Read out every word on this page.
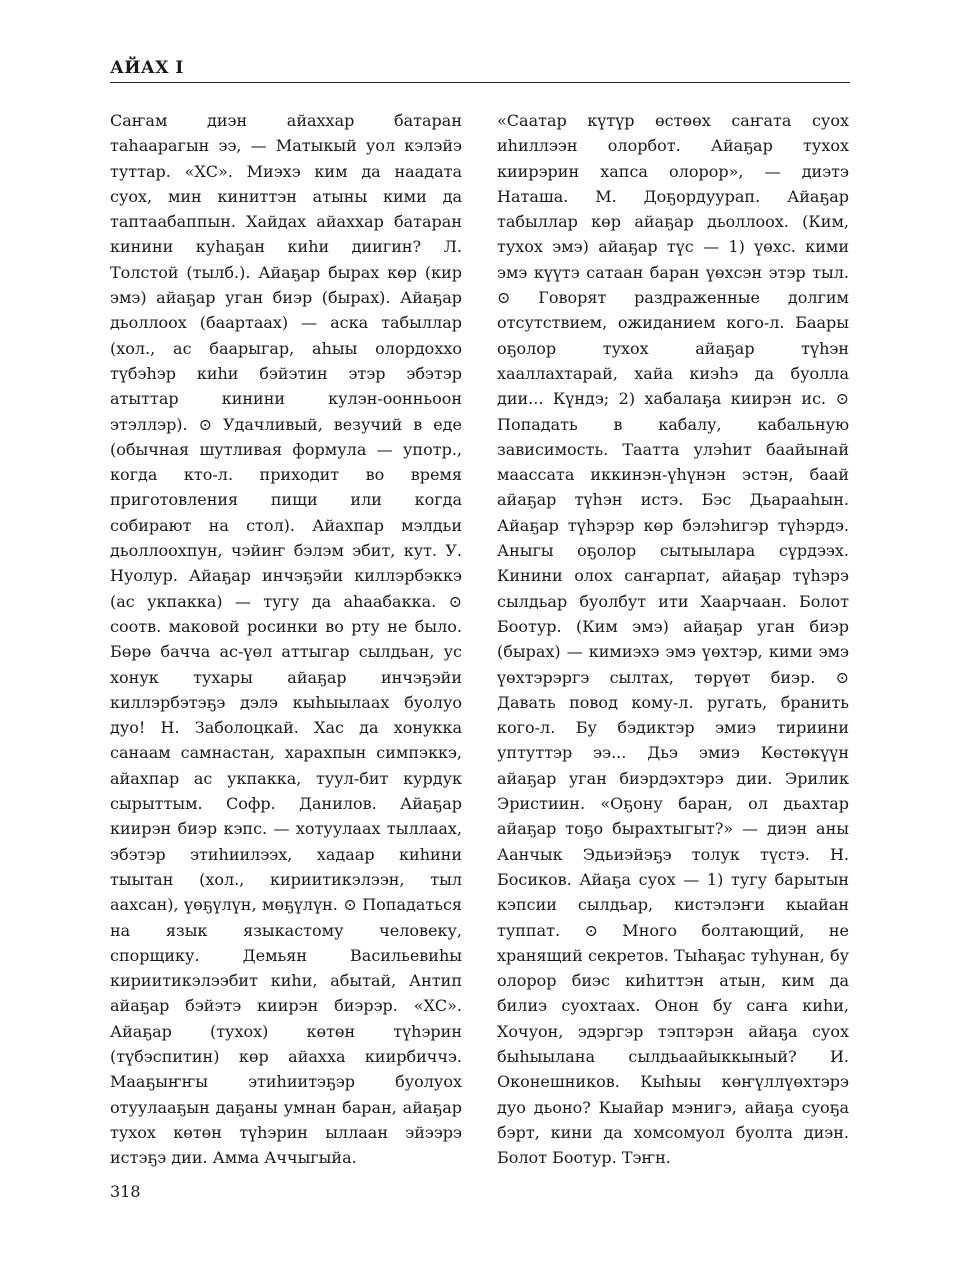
АЙАХ I

Саҥам диэн айаххар батаран таһаарагын ээ, — Матыкый уол кэлэйэ туттар. «ХС». Миэхэ ким да наадата суох, мин киниттэн атыны кими да таптаабаппын. Хайдах айаххар батаран кинини куһаҕан киһи диигин? Л. Толстой (тылб.). Айаҕар бырах көр (кир эмэ) айаҕар уган биэр (бырах). Айаҕар дьоллоох (баартаах) — аска табыллар (хол., ас баарыгар, аһыы олордоххо түбэһэр киһи бэйэтин этэр эбэтэр атыттар кинини кулэн-оонньоон этэллэр). ⊙ Удачливый, везучий в еде (обычная шутливая формула — употр., когда кто-л. приходит во время приготовления пищи или когда собирают на стол). Айахпар мэлдьи дьоллоохпун, чэйиҥ бэлэм эбит, кут. У. Нуолур. Айаҕар инчэҕэйи киллэрбэккэ (ас укпакка) — тугу да аһаабакка. ⊙ соотв. маковой росинки во рту не было. Бөрө бачча ас-үөл аттыгар сылдьан, ус хонук тухары айаҕар инчэҕэйи киллэрбэтэҕэ дэлэ кыһыылаах буолуо дуо! Н. Заболоцкай. Хас да хонукка санаам самнастан, харахпын симпэккэ, айахпар ас укпакка, туул-бит курдук сырыттым. Софр. Данилов. Айаҕар киирэн биэр кэпс. — хотуулаах тыллаах, эбэтэр этиһиилээх, хадаар киһини тыытан (хол., кириитикэлээн, тыл аахсан), үөҕүлүн, мөҕүлүн. ⊙ Попадаться на язык языкастому человеку, спорщику. Демьян Васильевиһы кириитикэлээбит киһи, абытай, Антип айаҕар бэйэтэ киирэн биэрэр. «ХС». Айаҕар (тухох) көтөн түһэрин (түбэспитин) көр айахха киирбиччэ. Мааҕыҥҥы этиһиитэҕэр буолуох отуулааҕын даҕаны умнан баран, айаҕар тухох көтөн түһэрин ыллаан эйээрэ истэҕэ дии. Амма Аччыгыйа.

«Саатар күтүр өстөөх саҥата суох иһиллээн олорбот. Айаҕар тухох киирэрин хапса олорор», — диэтэ Наташа. М. Доҕордуурап. Айаҕар табыллар көр айаҕар дьоллоох. (Ким, тухох эмэ) айаҕар түс — 1) үөхс. кими эмэ күүтэ сатаан баран үөхсэн этэр тыл. ⊙ Говорят раздраженные долгим отсутствием, ожиданием кого-л. Баары оҕолор тухох айаҕар түһэн хааллахтарай, хайа киэһэ да буолла дии... Күндэ; 2) хабалаҕа киирэн ис. ⊙ Попадать в кабалу, кабальную зависимость. Таатта улэһит баайынай маассата иккинэн-үһүнэн эстэн, баай айаҕар түһэн истэ. Бэс Дьарааһын. Айаҕар түһэрэр көр бэлэһигэр түһэрдэ. Аныгы оҕолор сытыылара сүрдээх. Кинини олох саҥарпат, айаҕар түһэрэ сылдьар буолбут ити Хаарчаан. Болот Боотур. (Ким эмэ) айаҕар уган биэр (бырах) — кимиэхэ эмэ үөхтэр, кими эмэ үөхтэрэргэ сылтах, төрүөт биэр. ⊙ Давать повод кому-л. ругать, бранить кого-л. Бу бэдиктэр эмиэ тириини уптуттэр ээ... Дьэ эмиэ Көстөкүүн айаҕар уган биэрдэхтэрэ дии. Эрилик Эристиин. «Оҕону баран, ол дьахтар айаҕар тоҕо бырахтыгыт?» — диэн аны Аанчык Эдьиэйэҕэ толук түстэ. Н. Босиков. Айаҕа суох — 1) тугу барытын кэпсии сылдьар, кистэлэҥи кыайан туппат. ⊙ Много болтающий, не хранящий секретов. Тыһаҕас туһунан, бу олорор биэс киһиттэн атын, ким да билиэ суохтаах. Онон бу саҥа киһи, Хочуон, эдэргэр тэптэрэн айаҕа суох быһыылана сылдьаайыккыный? И. Оконешников. Кыһыы көҥүллүөхтэрэ дуо дьоно? Кыайар мэнигэ, айаҕа суоҕа бэрт, кини да хомсомуол буолта диэн. Болот Боотур. Тэҥн.

318
